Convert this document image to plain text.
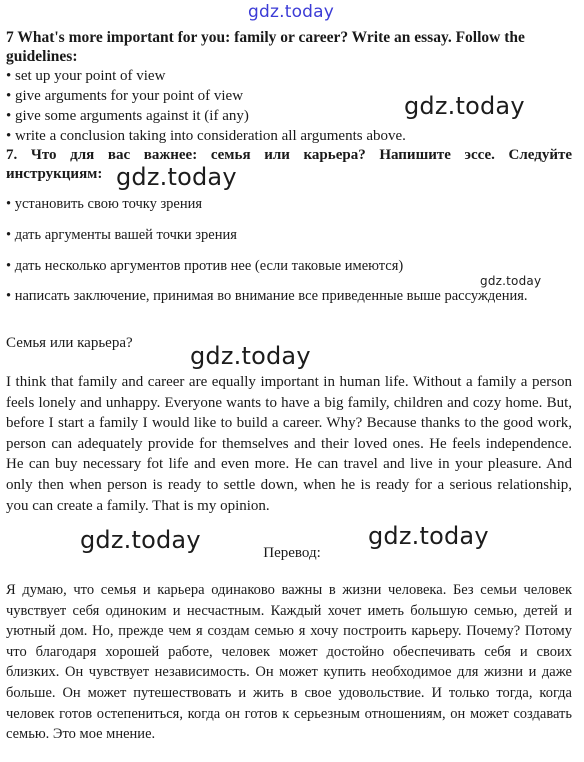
gdz.today
7 What's more important for you: family or career? Write an essay. Follow the guidelines:
• set up your point of view
• give arguments for your point of view
• give some arguments against it (if any)
• write a conclusion taking into consideration all arguments above.
7. Что для вас важнее: семья или карьера? Напишите эссе. Следуйте инструкциям:
• установить свою точку зрения
• дать аргументы вашей точки зрения
• дать несколько аргументов против нее (если таковые имеются)
• написать заключение, принимая во внимание все приведенные выше рассуждения.
Семья или карьера?
I think that family and career are equally important in human life. Without a family a person feels lonely and unhappy. Everyone wants to have a big family, children and cozy home. But, before I start a family I would like to build a career. Why? Because thanks to the good work, person can adequately provide for themselves and their loved ones. He feels independence. He can buy necessary fot life and even more. He can travel and live in your pleasure. And only then when person is ready to settle down, when he is ready for a serious relationship, you can create a family. That is my opinion.
Перевод:
Я думаю, что семья и карьера одинаково важны в жизни человека. Без семьи человек чувствует себя одиноким и несчастным. Каждый хочет иметь большую семью, детей и уютный дом. Но, прежде чем я создам семью я хочу построить карьеру. Почему? Потому что благодаря хорошей работе, человек может достойно обеспечивать себя и своих близких. Он чувствует независимость. Он может купить необходимое для жизни и даже больше. Он может путешествовать и жить в свое удовольствие. И только тогда, когда человек готов остепениться, когда он готов к серьезным отношениям, он может создавать семью. Это мое мнение.
gdz.today
gdz.today
gdz.today
gdz.today
gdz.today	gdz.today
